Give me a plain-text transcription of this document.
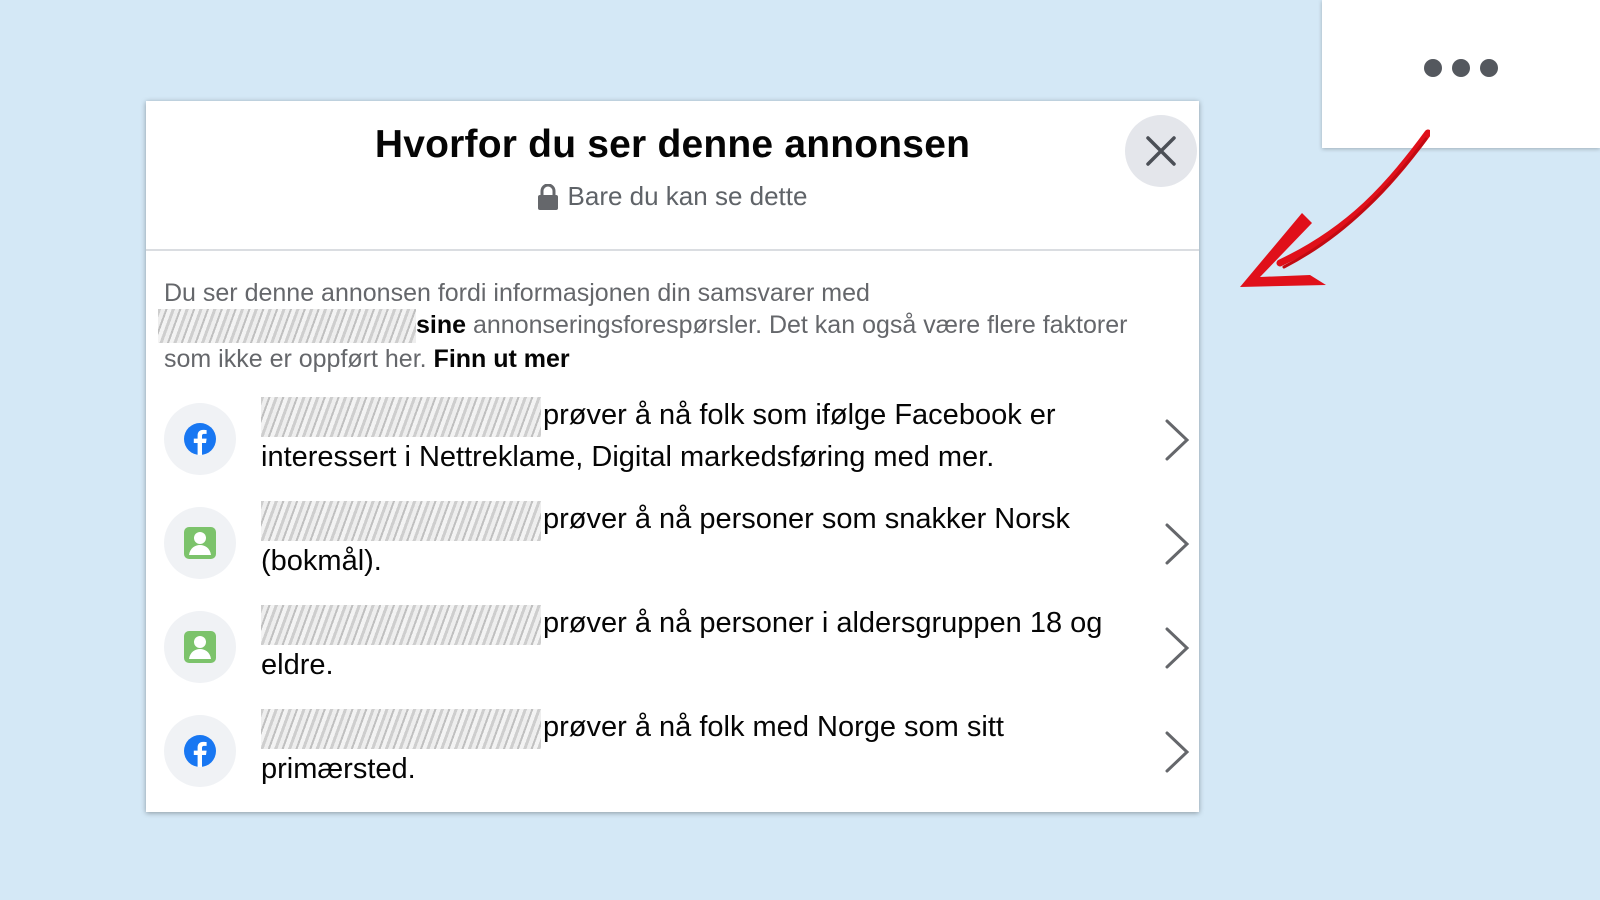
Hvorfor du ser denne annonsen
Bare du kan se dette
Du ser denne annonsen fordi informasjonen din samsvarer med
sine annonseringsforespørsler. Det kan også være flere faktorer som ikke er oppført her. Finn ut mer
prøver å nå folk som ifølge Facebook er interessert i Nettreklame, Digital markedsføring med mer.
prøver å nå personer som snakker Norsk (bokmål).
prøver å nå personer i aldersgruppen 18 og eldre.
prøver å nå folk med Norge som sitt primærsted.
